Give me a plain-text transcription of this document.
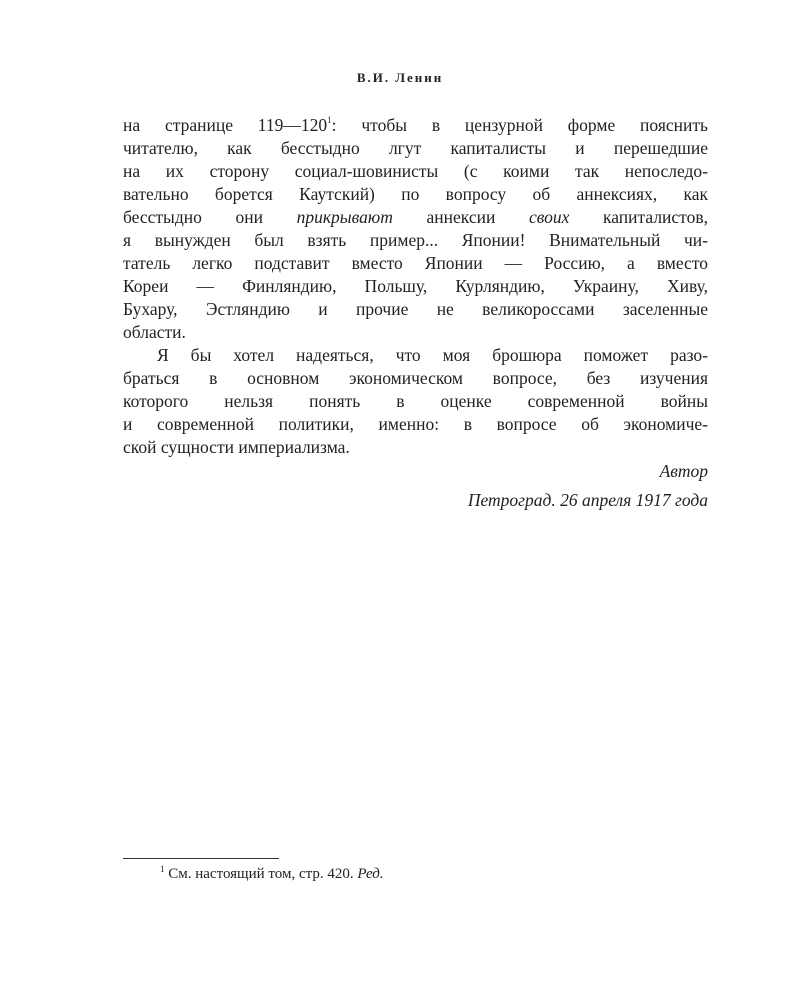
В.И. Ленин
на странице $119—120^1$: чтобы в цензурной форме пояснить
читателю, как бесстыдно лгут капиталисты и перешедшие
на их сторону социал-шовинисты (с коими так непоследо-
вательно борется Каутский) по вопросу об аннексиях, как
бесстыдно они прикрывают аннексии своих капиталистов,
я вынужден был взять пример... Японии! Внимательный чи-
татель легко подставит вместо Японии — Россию, а вместо
Кореи — Финляндию, Польшу, Курляндию, Украину, Хиву,
Бухару, Эстляндию и прочие не великороссами заселенные
области.
Я бы хотел надеяться, что моя брошюра поможет разо-
браться в основном экономическом вопросе, без изучения
которого нельзя понять в оценке современной войны
и современной политики, именно: в вопросе об экономиче-
ской сущности империализма.
Автор
Петроград. 26 апреля 1917 года
$^1$ См. настоящий том, стр. 420. Ред.
